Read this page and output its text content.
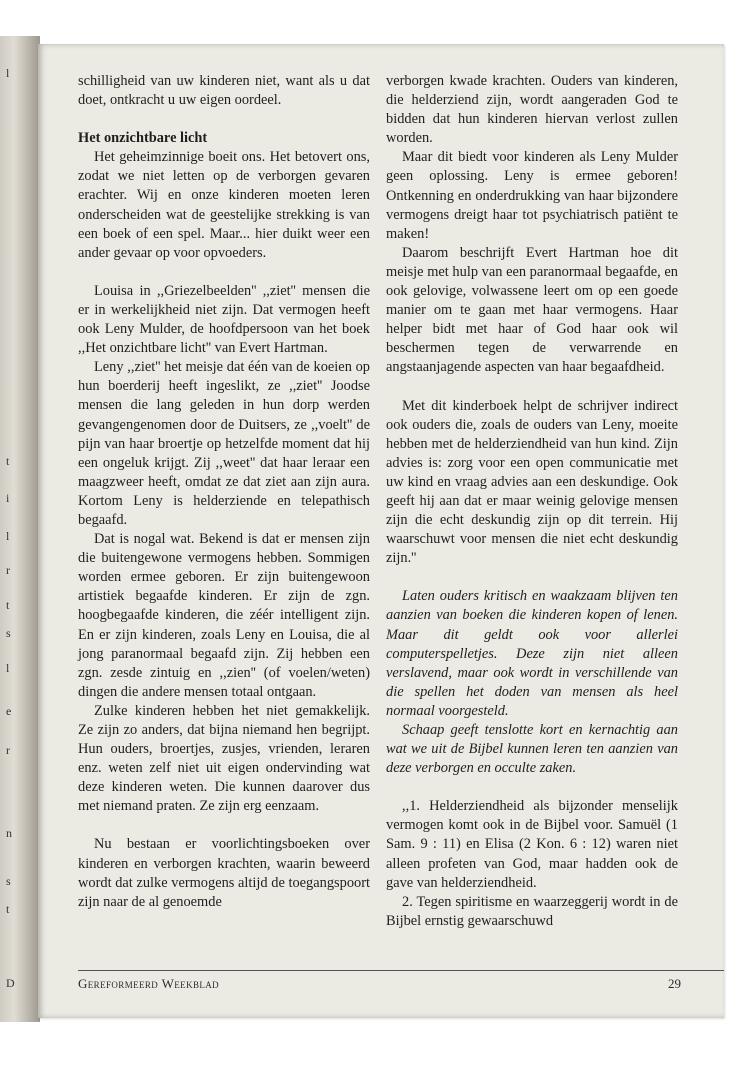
l
t
i
l
r
t
s
l
e
r
n
s
t
D

schilligheid van uw kinderen niet, want als u dat doet, ontkracht u uw eigen oordeel.

Het onzichtbare licht

Het geheimzinnige boeit ons. Het betovert ons, zodat we niet letten op de verborgen gevaren erachter. Wij en onze kinderen moeten leren onderscheiden wat de geestelijke strekking is van een boek of een spel. Maar... hier duikt weer een ander gevaar op voor opvoeders.

Louisa in ,,Griezelbeelden'' ,,ziet'' mensen die er in werkelijkheid niet zijn. Dat vermogen heeft ook Leny Mulder, de hoofdpersoon van het boek ,,Het onzichtbare licht'' van Evert Hartman.

Leny ,,ziet'' het meisje dat één van de koeien op hun boerderij heeft ingeslikt, ze ,,ziet'' Joodse mensen die lang geleden in hun dorp werden gevangengenomen door de Duitsers, ze ,,voelt'' de pijn van haar broertje op hetzelfde moment dat hij een ongeluk krijgt. Zij ,,weet'' dat haar leraar een maagzweer heeft, omdat ze dat ziet aan zijn aura. Kortom Leny is helderziende en telepathisch begaafd.

Dat is nogal wat. Bekend is dat er mensen zijn die buitengewone vermogens hebben. Sommigen worden ermee geboren. Er zijn buitengewoon artistiek begaafde kinderen. Er zijn de zgn. hoogbegaafde kinderen, die zéér intelligent zijn. En er zijn kinderen, zoals Leny en Louisa, die al jong paranormaal begaafd zijn. Zij hebben een zgn. zesde zintuig en ,,zien'' (of voelen/weten) dingen die andere mensen totaal ontgaan.

Zulke kinderen hebben het niet gemakkelijk. Ze zijn zo anders, dat bijna niemand hen begrijpt. Hun ouders, broertjes, zusjes, vrienden, leraren enz. weten zelf niet uit eigen ondervinding wat deze kinderen weten. Die kunnen daarover dus met niemand praten. Ze zijn erg eenzaam.

Nu bestaan er voorlichtingsboeken over kinderen en verborgen krachten, waarin beweerd wordt dat zulke vermogens altijd de toegangspoort zijn naar de al genoemde

verborgen kwade krachten. Ouders van kinderen, die helderziend zijn, wordt aangeraden God te bidden dat hun kinderen hiervan verlost zullen worden.

Maar dit biedt voor kinderen als Leny Mulder geen oplossing. Leny is ermee geboren! Ontkenning en onderdrukking van haar bijzondere vermogens dreigt haar tot psychiatrisch patiënt te maken!

Daarom beschrijft Evert Hartman hoe dit meisje met hulp van een paranormaal begaafde, en ook gelovige, volwassene leert om op een goede manier om te gaan met haar vermogens. Haar helper bidt met haar of God haar ook wil beschermen tegen de verwarrende en angstaanjagende aspecten van haar begaafdheid.

Met dit kinderboek helpt de schrijver indirect ook ouders die, zoals de ouders van Leny, moeite hebben met de helderziendheid van hun kind. Zijn advies is: zorg voor een open communicatie met uw kind en vraag advies aan een deskundige. Ook geeft hij aan dat er maar weinig gelovige mensen zijn die echt deskundig zijn op dit terrein. Hij waarschuwt voor mensen die niet echt deskundig zijn.''

Laten ouders kritisch en waakzaam blijven ten aanzien van boeken die kinderen kopen of lenen. Maar dit geldt ook voor allerlei computerspelletjes. Deze zijn niet alleen verslavend, maar ook wordt in verschillende van die spellen het doden van mensen als heel normaal voorgesteld.

Schaap geeft tenslotte kort en kernachtig aan wat we uit de Bijbel kunnen leren ten aanzien van deze verborgen en occulte zaken.

,,1. Helderziendheid als bijzonder menselijk vermogen komt ook in de Bijbel voor. Samuël (1 Sam. 9 : 11) en Elisa (2 Kon. 6 : 12) waren niet alleen profeten van God, maar hadden ook de gave van helderziendheid.

2. Tegen spiritisme en waarzeggerij wordt in de Bijbel ernstig gewaarschuwd

Gereformeerd Weekblad	29
